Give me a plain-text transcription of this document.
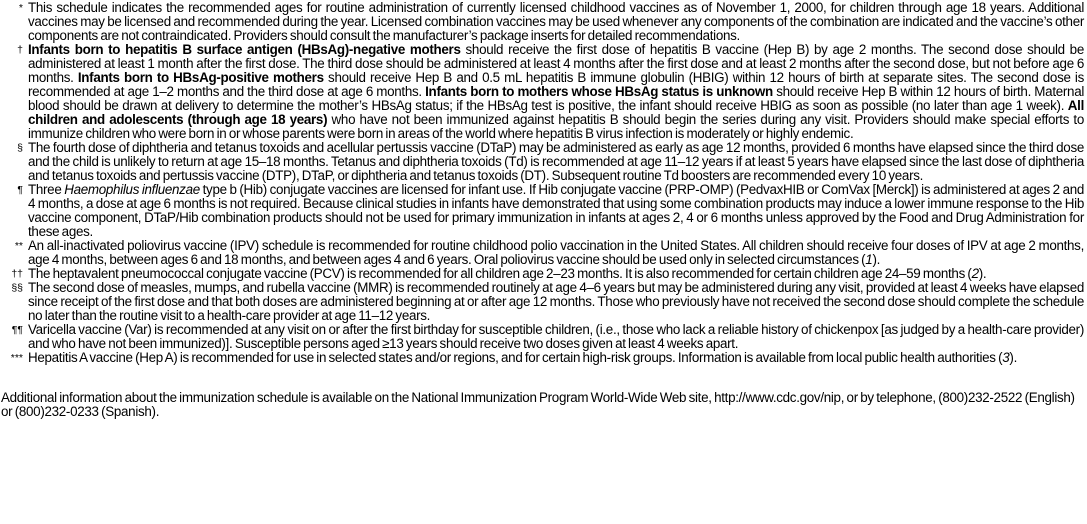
* This schedule indicates the recommended ages for routine administration of currently licensed childhood vaccines as of November 1, 2000, for children through age 18 years. Additional vaccines may be licensed and recommended during the year. Licensed combination vaccines may be used whenever any components of the combination are indicated and the vaccine’s other components are not contraindicated. Providers should consult the manufacturer’s package inserts for detailed recommendations.
† Infants born to hepatitis B surface antigen (HBsAg)-negative mothers should receive the first dose of hepatitis B vaccine (Hep B) by age 2 months. The second dose should be administered at least 1 month after the first dose. The third dose should be administered at least 4 months after the first dose and at least 2 months after the second dose, but not before age 6 months. Infants born to HBsAg-positive mothers should receive Hep B and 0.5 mL hepatitis B immune globulin (HBIG) within 12 hours of birth at separate sites. The second dose is recommended at age 1–2 months and the third dose at age 6 months. Infants born to mothers whose HBsAg status is unknown should receive Hep B within 12 hours of birth. Maternal blood should be drawn at delivery to determine the mother’s HBsAg status; if the HBsAg test is positive, the infant should receive HBIG as soon as possible (no later than age 1 week). All children and adolescents (through age 18 years) who have not been immunized against hepatitis B should begin the series during any visit. Providers should make special efforts to immunize children who were born in or whose parents were born in areas of the world where hepatitis B virus infection is moderately or highly endemic.
§ The fourth dose of diphtheria and tetanus toxoids and acellular pertussis vaccine (DTaP) may be administered as early as age 12 months, provided 6 months have elapsed since the third dose and the child is unlikely to return at age 15–18 months. Tetanus and diphtheria toxoids (Td) is recommended at age 11–12 years if at least 5 years have elapsed since the last dose of diphtheria and tetanus toxoids and pertussis vaccine (DTP), DTaP, or diphtheria and tetanus toxoids (DT). Subsequent routine Td boosters are recommended every 10 years.
¶ Three Haemophilus influenzae type b (Hib) conjugate vaccines are licensed for infant use. If Hib conjugate vaccine (PRP-OMP) (PedvaxHIB or ComVax [Merck]) is administered at ages 2 and 4 months, a dose at age 6 months is not required. Because clinical studies in infants have demonstrated that using some combination products may induce a lower immune response to the Hib vaccine component, DTaP/Hib combination products should not be used for primary immunization in infants at ages 2, 4 or 6 months unless approved by the Food and Drug Administration for these ages.
** An all-inactivated poliovirus vaccine (IPV) schedule is recommended for routine childhood polio vaccination in the United States. All children should receive four doses of IPV at age 2 months, age 4 months, between ages 6 and 18 months, and between ages 4 and 6 years. Oral poliovirus vaccine should be used only in selected circumstances (1).
†† The heptavalent pneumococcal conjugate vaccine (PCV) is recommended for all children age 2–23 months. It is also recommended for certain children age 24–59 months (2).
§§ The second dose of measles, mumps, and rubella vaccine (MMR) is recommended routinely at age 4–6 years but may be administered during any visit, provided at least 4 weeks have elapsed since receipt of the first dose and that both doses are administered beginning at or after age 12 months. Those who previously have not received the second dose should complete the schedule no later than the routine visit to a health-care provider at age 11–12 years.
¶¶ Varicella vaccine (Var) is recommended at any visit on or after the first birthday for susceptible children, (i.e., those who lack a reliable history of chickenpox [as judged by a health-care provider) and who have not been immunized)]. Susceptible persons aged ≥13 years should receive two doses given at least 4 weeks apart.
*** Hepatitis A vaccine (Hep A) is recommended for use in selected states and/or regions, and for certain high-risk groups. Information is available from local public health authorities (3).

Additional information about the immunization schedule is available on the National Immunization Program World-Wide Web site, http://www.cdc.gov/nip, or by telephone, (800)232-2522 (English) or (800)232-0233 (Spanish).
